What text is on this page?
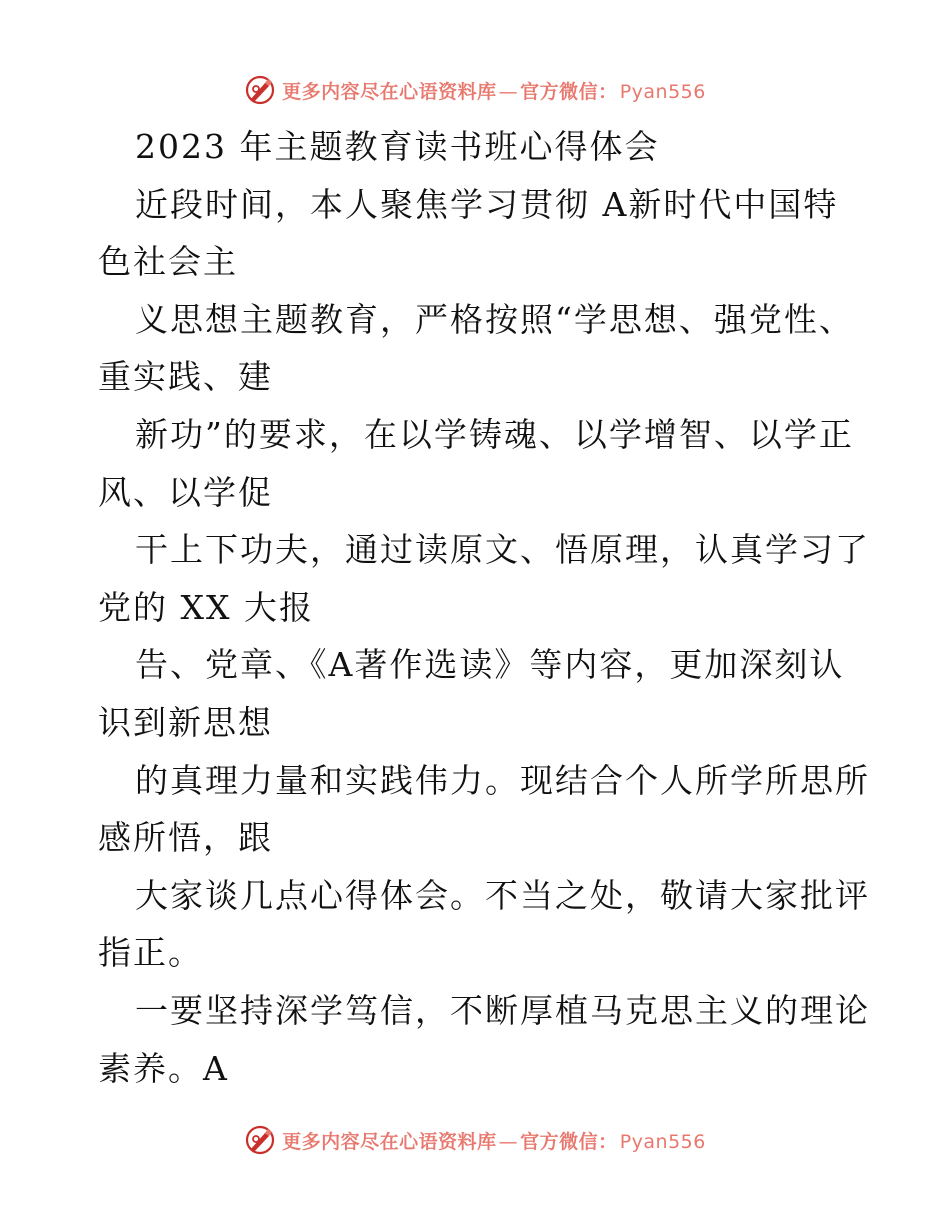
更多内容尽在心语资料库 — 官方微信： Pyan556
2023 年主题教育读书班心得体会
近段时间，本人聚焦学习贯彻 A新时代中国特
色社会主
义思想主题教育，严格按照“学思想、强党性、
重实践、建
新功”的要求，在以学铸魂、以学增智、以学正
风、以学促
干上下功夫，通过读原文、悟原理，认真学习了
党的 XX 大报
告、党章、《A著作选读》等内容，更加深刻认
识到新思想
的真理力量和实践伟力。现结合个人所学所思所
感所悟，跟
大家谈几点心得体会。不当之处，敬请大家批评
指正。
一要坚持深学笃信，不断厚植马克思主义的理论
素养。A
更多内容尽在心语资料库 — 官方微信： Pyan556
